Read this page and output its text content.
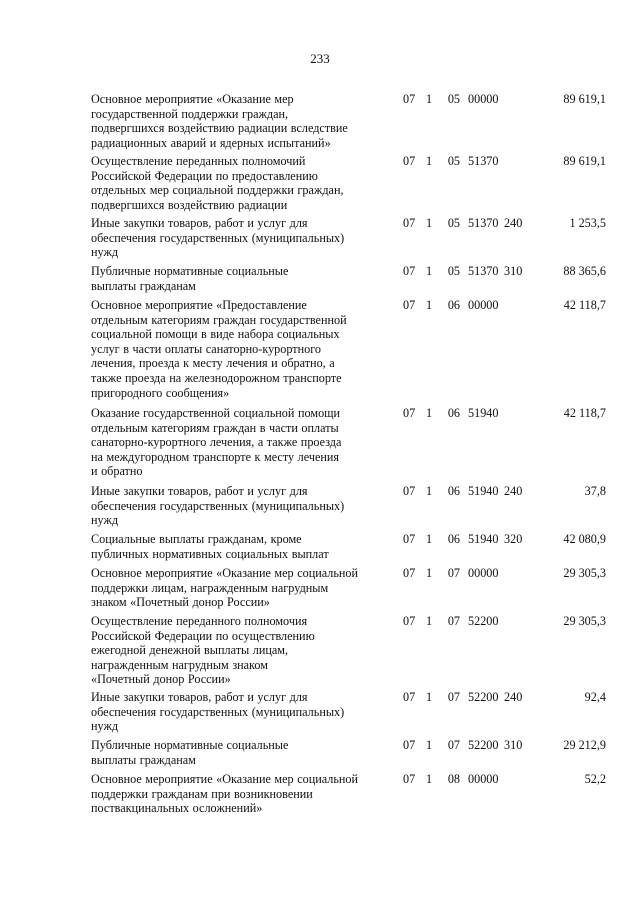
233
Основное мероприятие «Оказание мер
государственной поддержки граждан,
подвергшихся воздействию радиации вследствие
радиационных аварий и ядерных испытаний»
07 1	05 00000	89 619,1
Осуществление переданных полномочий
Российской Федерации по предоставлению
отдельных мер социальной поддержки граждан,
подвергшихся воздействию радиации
07 1	05 51370	89 619,1
Иные закупки товаров, работ и услуг для
обеспечения государственных (муниципальных)
нужд
07 1	05 51370 240	1 253,5
Публичные нормативные социальные
выплаты гражданам
07 1	05 51370 310	88 365,6
Основное мероприятие «Предоставление
отдельным категориям граждан государственной
социальной помощи в виде набора социальных
услуг в части оплаты санаторно-курортного
лечения, проезда к месту лечения и обратно, а
также проезда на железнодорожном транспорте
пригородного сообщения»
07 1	06 00000	42 118,7
Оказание государственной социальной помощи
отдельным категориям граждан в части оплаты
санаторно-курортного лечения, а также проезда
на междугородном транспорте к месту лечения
и обратно
07 1	06 51940	42 118,7
Иные закупки товаров, работ и услуг для
обеспечения государственных (муниципальных)
нужд
07 1	06 51940 240	37,8
Социальные выплаты гражданам, кроме
публичных нормативных социальных выплат
07 1	06 51940 320	42 080,9
Основное мероприятие «Оказание мер социальной
поддержки лицам, награжденным нагрудным
знаком «Почетный донор России»
07 1	07 00000	29 305,3
Осуществление переданного полномочия
Российской Федерации по осуществлению
ежегодной денежной выплаты лицам,
награжденным нагрудным знаком
«Почетный донор России»
07 1	07 52200	29 305,3
Иные закупки товаров, работ и услуг для
обеспечения государственных (муниципальных)
нужд
07 1	07 52200 240	92,4
Публичные нормативные социальные
выплаты гражданам
07 1	07 52200 310	29 212,9
Основное мероприятие «Оказание мер социальной
поддержки гражданам при возникновении
поствакцинальных осложнений»
07 1	08 00000	52,2
